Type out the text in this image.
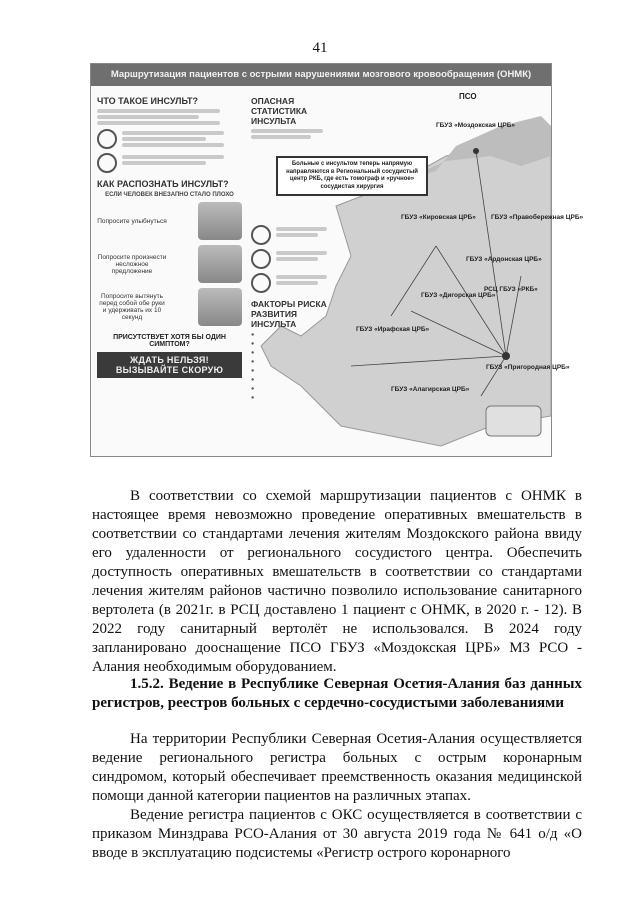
41
Маршрутизация пациентов с острыми нарушениями мозгового кровообращения (ОНМК)
ЧТО ТАКОЕ ИНСУЛЬТ?
КАК РАСПОЗНАТЬ ИНСУЛЬТ?
ЕСЛИ ЧЕЛОВЕК ВНЕЗАПНО СТАЛО ПЛОХО
Попросите улыбнуться
Попросите произнести несложное предложение
Попросите вытянуть перед собой обе руки и удерживать их 10 секунд
ПРИСУТСТВУЕТ ХОТЯ БЫ ОДИН СИМПТОМ?
ЖДАТЬ НЕЛЬЗЯ! ВЫЗЫВАЙТЕ СКОРУЮ
ОПАСНАЯ СТАТИСТИКА ИНСУЛЬТА
ФАКТОРЫ РИСКА РАЗВИТИЯ ИНСУЛЬТА
●
●
●
●
●
●
●
●
Больные с инсультом теперь напрямую направляются в Региональный сосудистый центр РКБ, где есть томограф и «ручное» сосудистая хирургия
ПСО
ГБУЗ «Моздокская ЦРБ»
ГБУЗ «Кировская ЦРБ» ГБУЗ «Правобережная ЦРБ»
ГБУЗ «Ардонская ЦРБ»
ГБУЗ «Дигорская ЦРБ»
РСЦ ГБУЗ «РКБ»
ГБУЗ «Ирафская ЦРБ»
ГБУЗ «Пригородная ЦРБ»
ГБУЗ «Алагирская ЦРБ»

В соответствии со схемой маршрутизации пациентов с ОНМК в настоящее время невозможно проведение оперативных вмешательств в соответствии со стандартами лечения жителям Моздокского района ввиду его удаленности от регионального сосудистого центра. Обеспечить доступность оперативных вмешательств в соответствии со стандартами лечения жителям районов частично позволило использование санитарного вертолета (в 2021г. в РСЦ доставлено 1 пациент с ОНМК, в 2020 г. - 12). В 2022 году санитарный вертолёт не использовался. В 2024 году запланировано дооснащение ПСО ГБУЗ «Моздокская ЦРБ» МЗ РСО - Алания необходимым оборудованием.

1.5.2. Ведение в Республике Северная Осетия-Алания баз данных регистров, реестров больных с сердечно-сосудистыми заболеваниями

На территории Республики Северная Осетия-Алания осуществляется ведение регионального регистра больных с острым коронарным синдромом, который обеспечивает преемственность оказания медицинской помощи данной категории пациентов на различных этапах.

Ведение регистра пациентов с ОКС осуществляется в соответствии с приказом Минздрава РСО-Алания от 30 августа 2019 года № 641 о/д «О вводе в эксплуатацию подсистемы «Регистр острого коронарного
